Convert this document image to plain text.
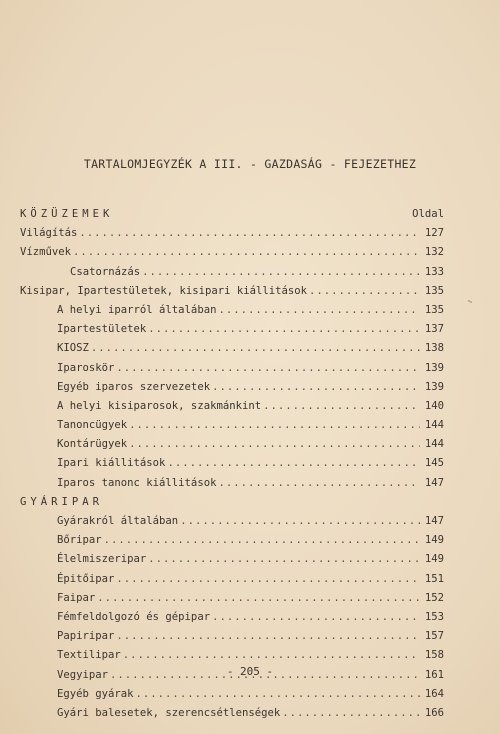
TARTALOMJEGYZÉK A III. - GAZDASÁG - FEJEZETHEZ
KÖZÜZEMEK	Oldal
Világítás .....	127
Vízművek .....	132
Csatornázás .....	133
Kisipar, Ipartestületek, kisipari kiállitások .....	135
A helyi iparról általában .....	135
Ipartestületek .....	137
KIOSZ .....	138
Iparoskör .....	139
Egyéb iparos szervezetek .....	139
A helyi kisiparosok, szakmánkint .....	140
Tanoncügyek .....	144
Kontárügyek .....	144
Ipari kiállitások .....	145
Iparos tanonc kiállitások .....	147
GYÁRIPAR
Gyárakról általában .....	147
Bőripar .....	149
Élelmiszeripar .....	149
Épitőipar .....	151
Faipar .....	152
Fémfeldolgozó és gépipar .....	153
Papiripar .....	157
Textilipar .....	158
Vegyipar .....	161
Egyéb gyárak .....	164
Gyári balesetek, szerencsétlenségek .....	166
- 205 -
